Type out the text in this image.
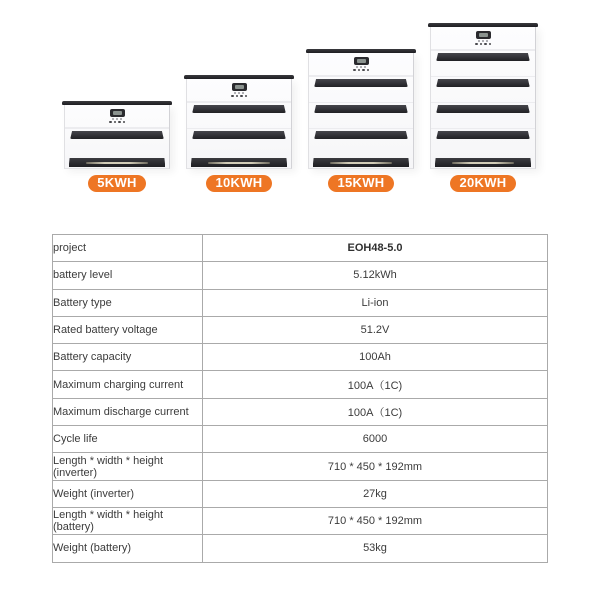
5KWH	10KWH	15KWH	20KWH
project	EOH48-5.0
battery level	5.12kWh
Battery type	Li-ion
Rated battery voltage	51.2V
Battery capacity	100Ah
Maximum charging current	100A（1C)
Maximum discharge current	100A（1C)
Cycle life	6000
Length * width * height (inverter)	710 * 450 * 192mm
Weight (inverter)	27kg
Length * width * height (battery)	710 * 450 * 192mm
Weight (battery)	53kg
